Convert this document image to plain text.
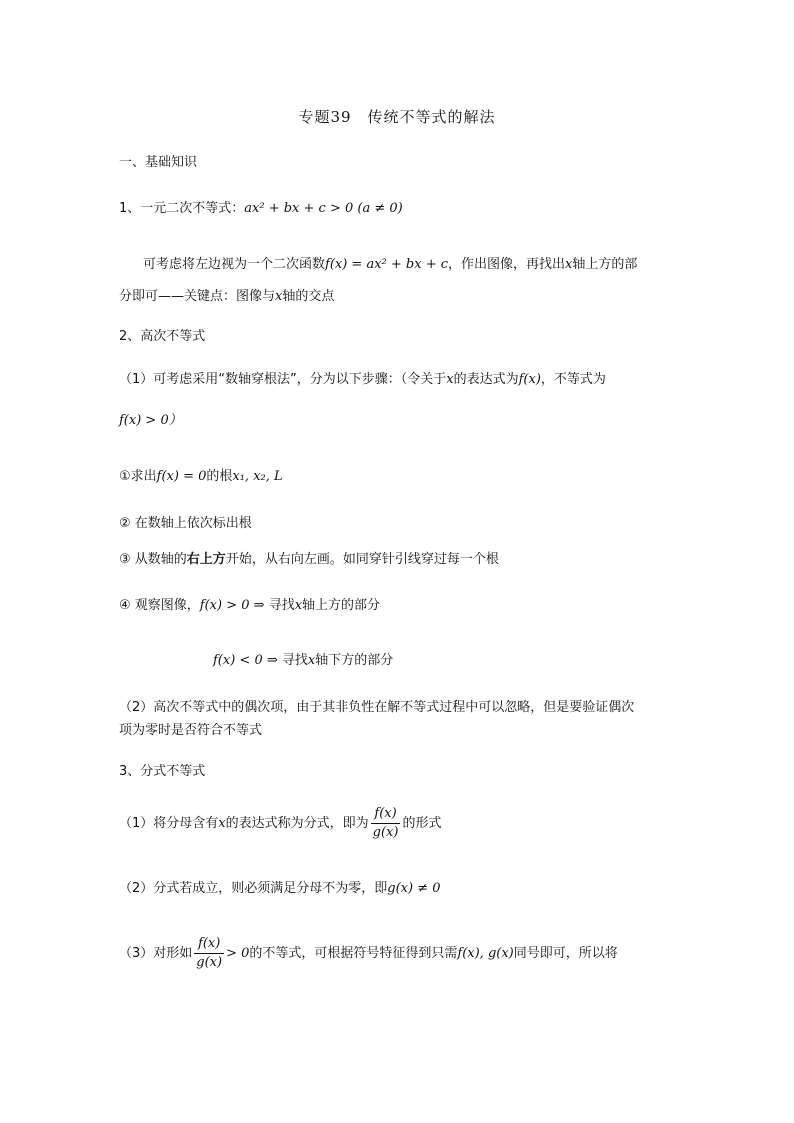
专题39　传统不等式的解法
一、基础知识
1、一元二次不等式：ax² + bx + c > 0 (a ≠ 0)
可考虑将左边视为一个二次函数f(x) = ax² + bx + c，作出图像，再找出x轴上方的部
分即可——关键点：图像与x轴的交点
2、高次不等式
（1）可考虑采用“数轴穿根法”，分为以下步骤：（令关于x的表达式为f(x)，不等式为
f(x) > 0）
①求出f(x) = 0的根x₁, x₂, L
② 在数轴上依次标出根
③ 从数轴的右上方开始，从右向左画。如同穿针引线穿过每一个根
④ 观察图像，f(x) > 0 ⇒ 寻找x轴上方的部分
f(x) < 0 ⇒ 寻找x轴下方的部分
（2）高次不等式中的偶次项，由于其非负性在解不等式过程中可以忽略，但是要验证偶次
项为零时是否符合不等式
3、分式不等式
（1）将分母含有x的表达式称为分式，即为 $\frac{f(x)}{g(x)}$ 的形式
（2）分式若成立，则必须满足分母不为零，即g(x) ≠ 0
（3）对形如 $\frac{f(x)}{g(x)} > 0$的不等式，可根据符号特征得到只需f(x), g(x)同号即可，所以将
